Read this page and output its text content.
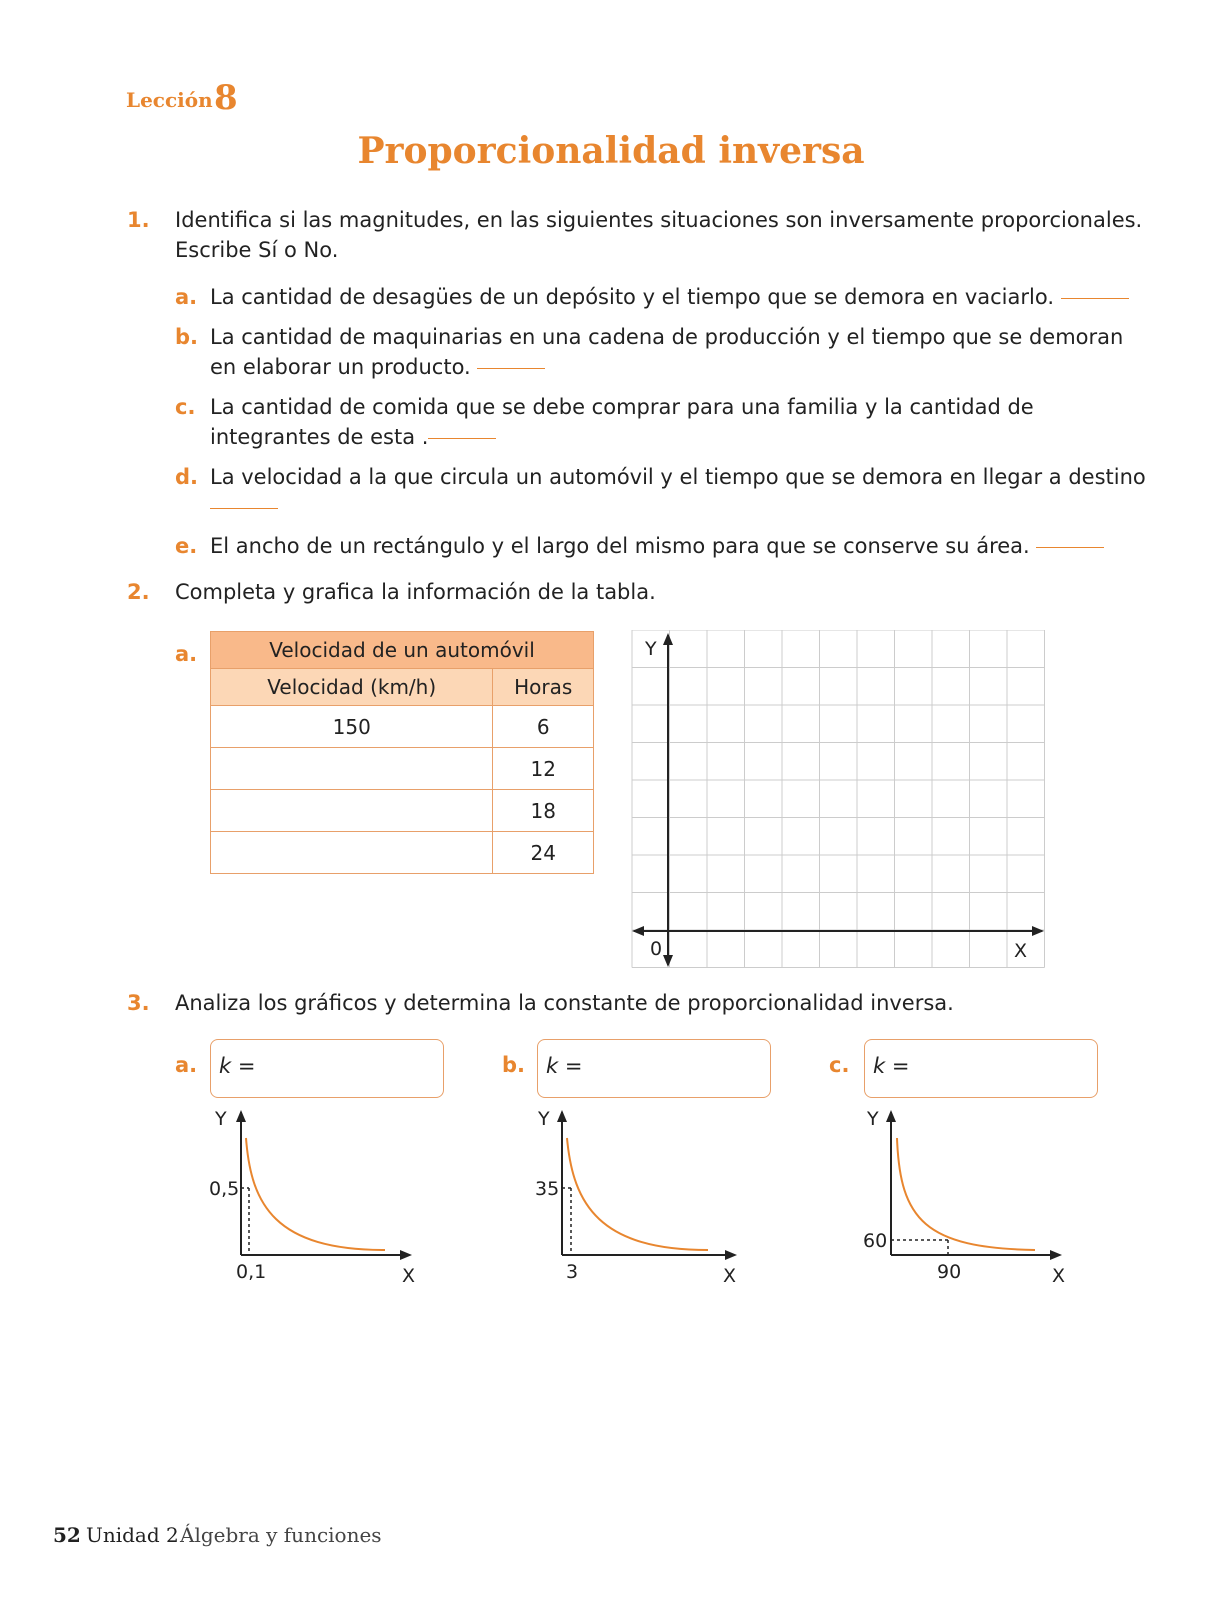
Lección 8
Proporcionalidad inversa
1. Identifica si las magnitudes, en las siguientes situaciones son inversamente proporcionales.
Escribe Sí o No.
a. La cantidad de desagües de un depósito y el tiempo que se demora en vaciarlo.
b. La cantidad de maquinarias en una cadena de producción y el tiempo que se demoran
en elaborar un producto.
c. La cantidad de comida que se debe comprar para una familia y la cantidad de
integrantes de esta .
d. La velocidad a la que circula un automóvil y el tiempo que se demora en llegar a destino
e. El ancho de un rectángulo y el largo del mismo para que se conserve su área.
2. Completa y grafica la información de la tabla.
a.	Velocidad de un automóvil	
Velocidad (km/h)	Horas
150	6
	12
	18
	24
Y
X
0
3. Analiza los gráficos y determina la constante de proporcionalidad inversa.
a. k =	b. k =	c. k =
Y
X
0,5
0,1
Y
X
35
3
Y
X
60
90
52 Unidad 2 Álgebra y funciones
